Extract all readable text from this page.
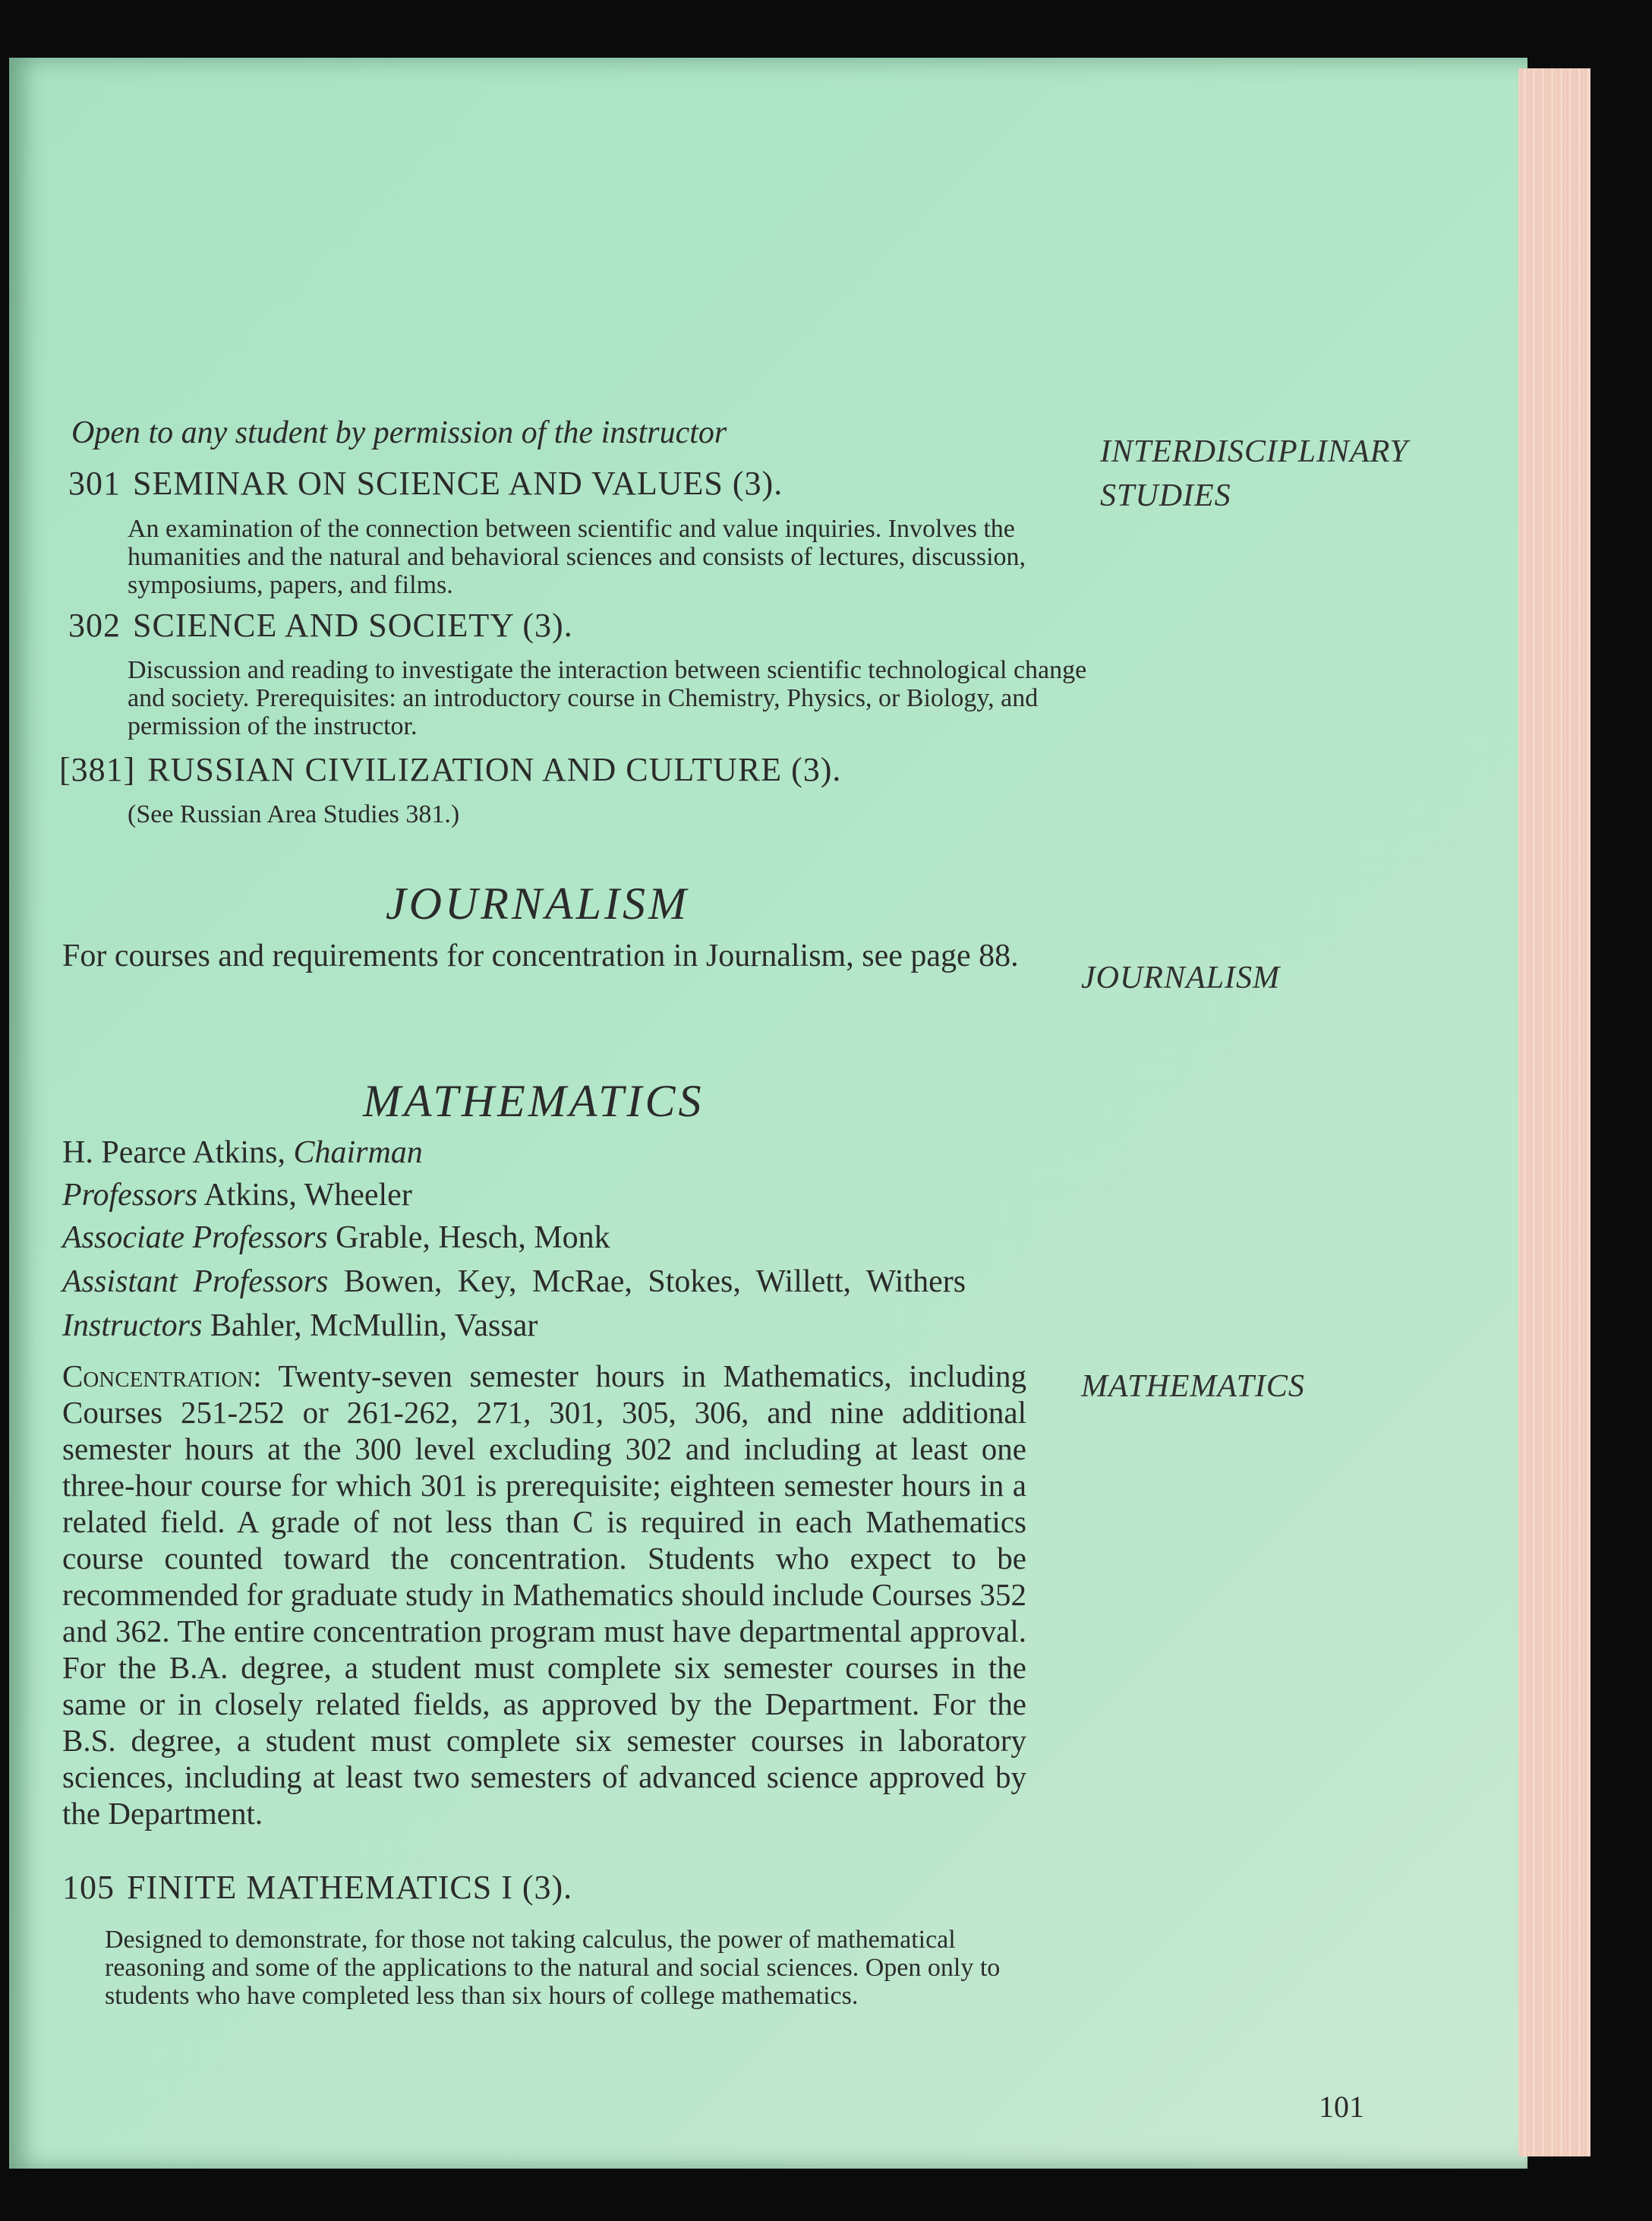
INTERDISCIPLINARY
STUDIES
JOURNALISM
MATHEMATICS
Open to any student by permission of the instructor
301 SEMINAR ON SCIENCE AND VALUES (3).
An examination of the connection between scientific and value inquiries. Involves the humanities and the natural and behavioral sciences and consists of lectures, discussion, symposiums, papers, and films.
302 SCIENCE AND SOCIETY (3).
Discussion and reading to investigate the interaction between scientific technological change and society. Prerequisites: an introductory course in Chemistry, Physics, or Biology, and permission of the instructor.
[381] RUSSIAN CIVILIZATION AND CULTURE (3).
(See Russian Area Studies 381.)
JOURNALISM
For courses and requirements for concentration in Journalism, see page 88.
MATHEMATICS
H. Pearce Atkins, Chairman
Professors Atkins, Wheeler
Associate Professors Grable, Hesch, Monk
Assistant Professors Bowen, Key, McRae, Stokes, Willett, Withers
Instructors Bahler, McMullin, Vassar
Concentration: Twenty-seven semester hours in Mathematics, including Courses 251-252 or 261-262, 271, 301, 305, 306, and nine additional semester hours at the 300 level excluding 302 and including at least one three-hour course for which 301 is prerequisite; eighteen semester hours in a related field. A grade of not less than C is required in each Mathematics course counted toward the concentration. Students who expect to be recommended for graduate study in Mathematics should include Courses 352 and 362. The entire concentration program must have departmental approval. For the B.A. degree, a student must complete six semester courses in the same or in closely related fields, as approved by the Department. For the B.S. degree, a student must complete six semester courses in laboratory sciences, including at least two semesters of advanced science approved by the Department.
105 FINITE MATHEMATICS I (3).
Designed to demonstrate, for those not taking calculus, the power of mathematical reasoning and some of the applications to the natural and social sciences. Open only to students who have completed less than six hours of college mathematics.
101
